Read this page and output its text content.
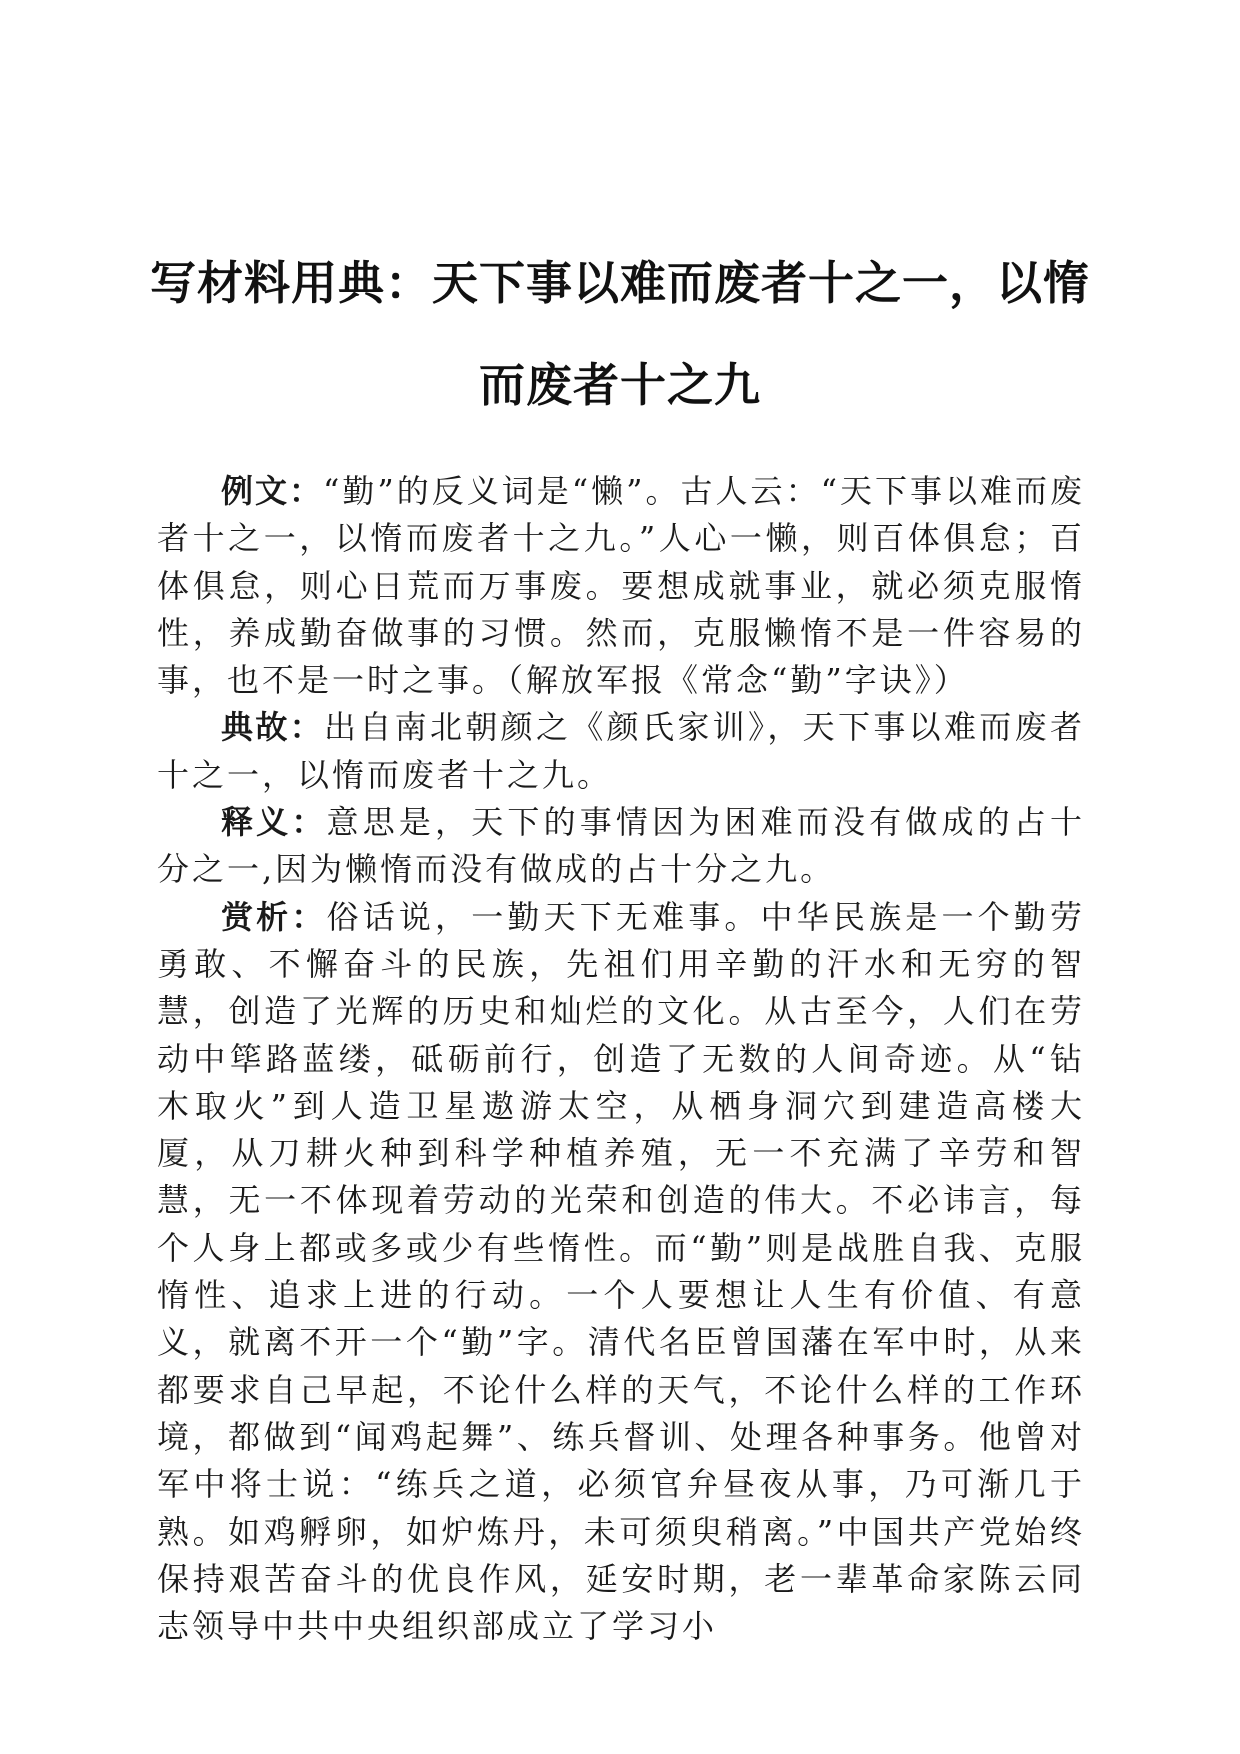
写材料用典：天下事以难而废者十之一，以惰而废者十之九

例文：“勤”的反义词是“懒”。古人云：“天下事以难而废者十之一，以惰而废者十之九。”人心一懒，则百体俱怠；百体俱怠，则心日荒而万事废。要想成就事业，就必须克服惰性，养成勤奋做事的习惯。然而，克服懒惰不是一件容易的事，也不是一时之事。（解放军报《常念“勤”字诀》）

典故：出自南北朝颜之《颜氏家训》，天下事以难而废者十之一，以惰而废者十之九。

释义：意思是，天下的事情因为困难而没有做成的占十分之一,因为懒惰而没有做成的占十分之九。

赏析：俗话说，一勤天下无难事。中华民族是一个勤劳勇敢、不懈奋斗的民族，先祖们用辛勤的汗水和无穷的智慧，创造了光辉的历史和灿烂的文化。从古至今，人们在劳动中筚路蓝缕，砥砺前行，创造了无数的人间奇迹。从“钻木取火”到人造卫星遨游太空，从栖身洞穴到建造高楼大厦，从刀耕火种到科学种植养殖，无一不充满了辛劳和智慧，无一不体现着劳动的光荣和创造的伟大。不必讳言，每个人身上都或多或少有些惰性。而“勤”则是战胜自我、克服惰性、追求上进的行动。一个人要想让人生有价值、有意义，就离不开一个“勤”字。清代名臣曾国藩在军中时，从来都要求自己早起，不论什么样的天气，不论什么样的工作环境，都做到“闻鸡起舞”、练兵督训、处理各种事务。他曾对军中将士说：“练兵之道，必须官弁昼夜从事，乃可渐几于熟。如鸡孵卵，如炉炼丹，未可须臾稍离。”中国共产党始终保持艰苦奋斗的优良作风，延安时期，老一辈革命家陈云同志领导中共中央组织部成立了学习小
